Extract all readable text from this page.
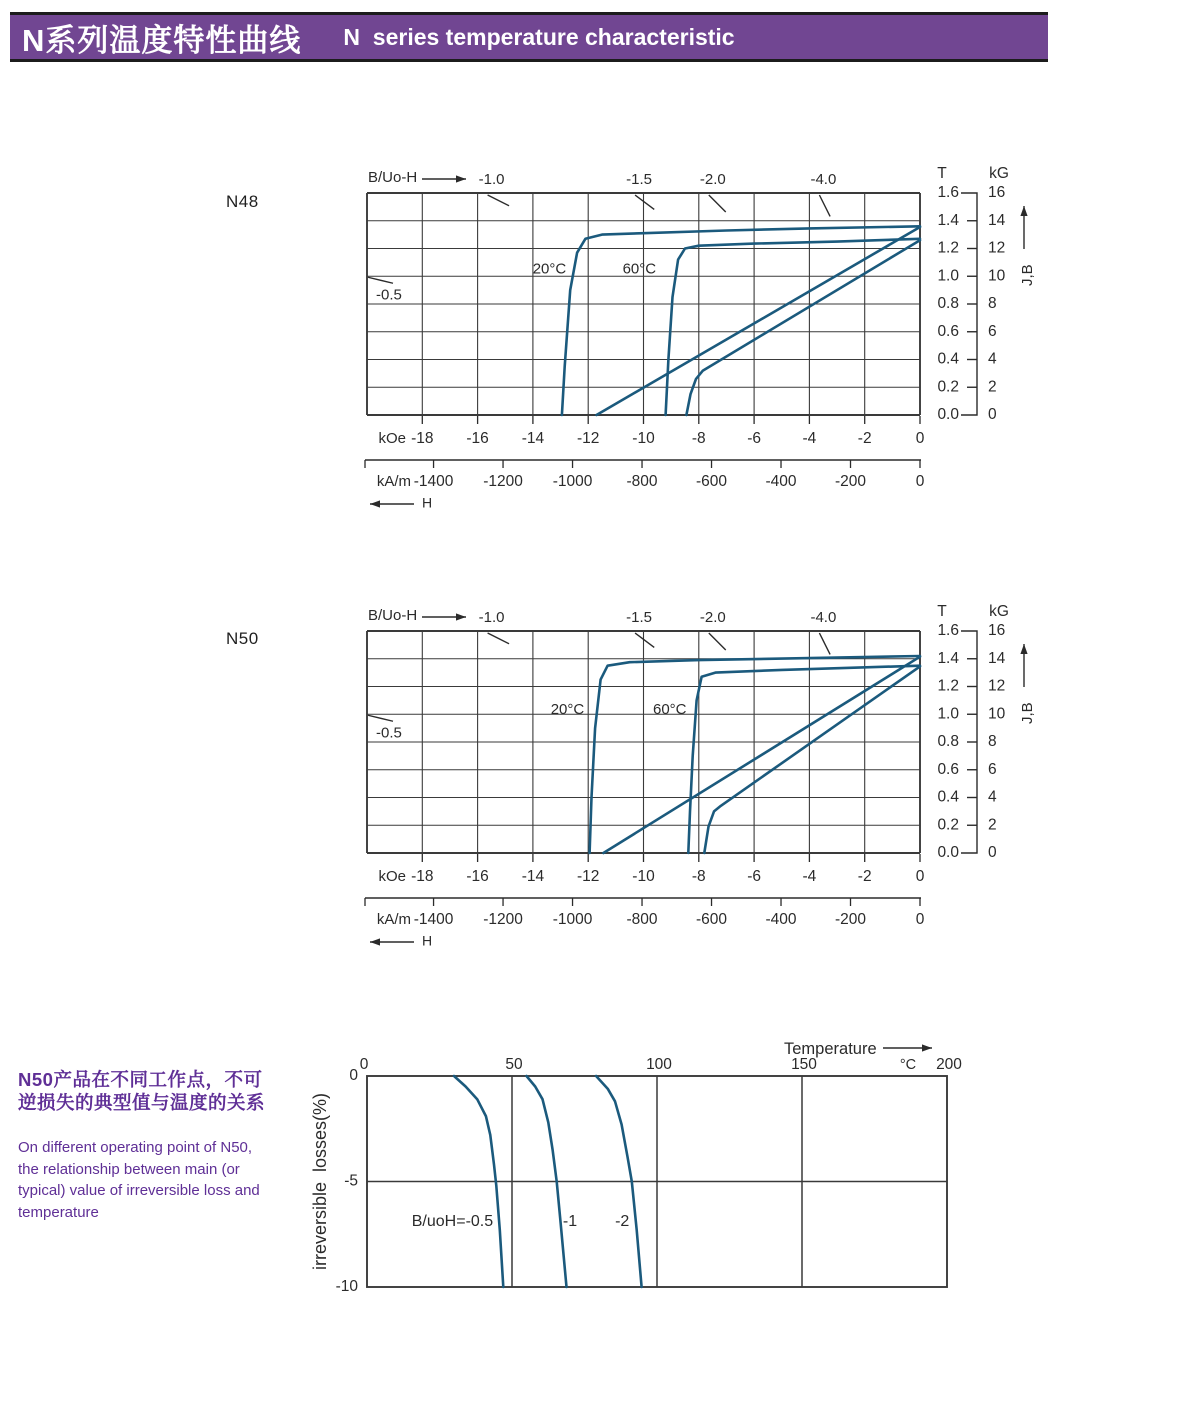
N系列温度特性曲线 N  series temperature characteristic
N48
N50
N50产品在不同工作点，不可
逆损失的典型值与温度的关系
On different operating point of N50,
the relationship between main (or
typical) value of irreversible loss and
temperature
20°C	60°C
B/Uo-H
-0.5
-1.0	-1.5	-2.0	-4.0
-18 -16 -14 -12 -10 -8	-6	-4	-2	0
kOe
-1400 -1200 -1000 -800 -600 -400 -200	0
kA/m
H
T	kG
1.6 16
1.4 14
1.2 12
1.0 10
0.8 8
0.6 6
0.4 4
0.2 2
0.0 0
J,B
20°C	60°C
B/Uo-H
-0.5
-1.0	-1.5	-2.0	-4.0
-18 -16 -14 -12 -10 -8	-6	-4	-2	0
kOe
-1400 -1200 -1000 -800 -600 -400 -200	0
kA/m
H
T	kG
1.6 16
1.4 14
1.2 12
1.0 10
0.8 8
0.6 6
0.4 4
0.2 2
0.0 0
J,B
0	50	100	150	200
°C
0
-5
-10
Temperature
irreversible  losses(%)	B/uoH=-0.5	-1 -2
